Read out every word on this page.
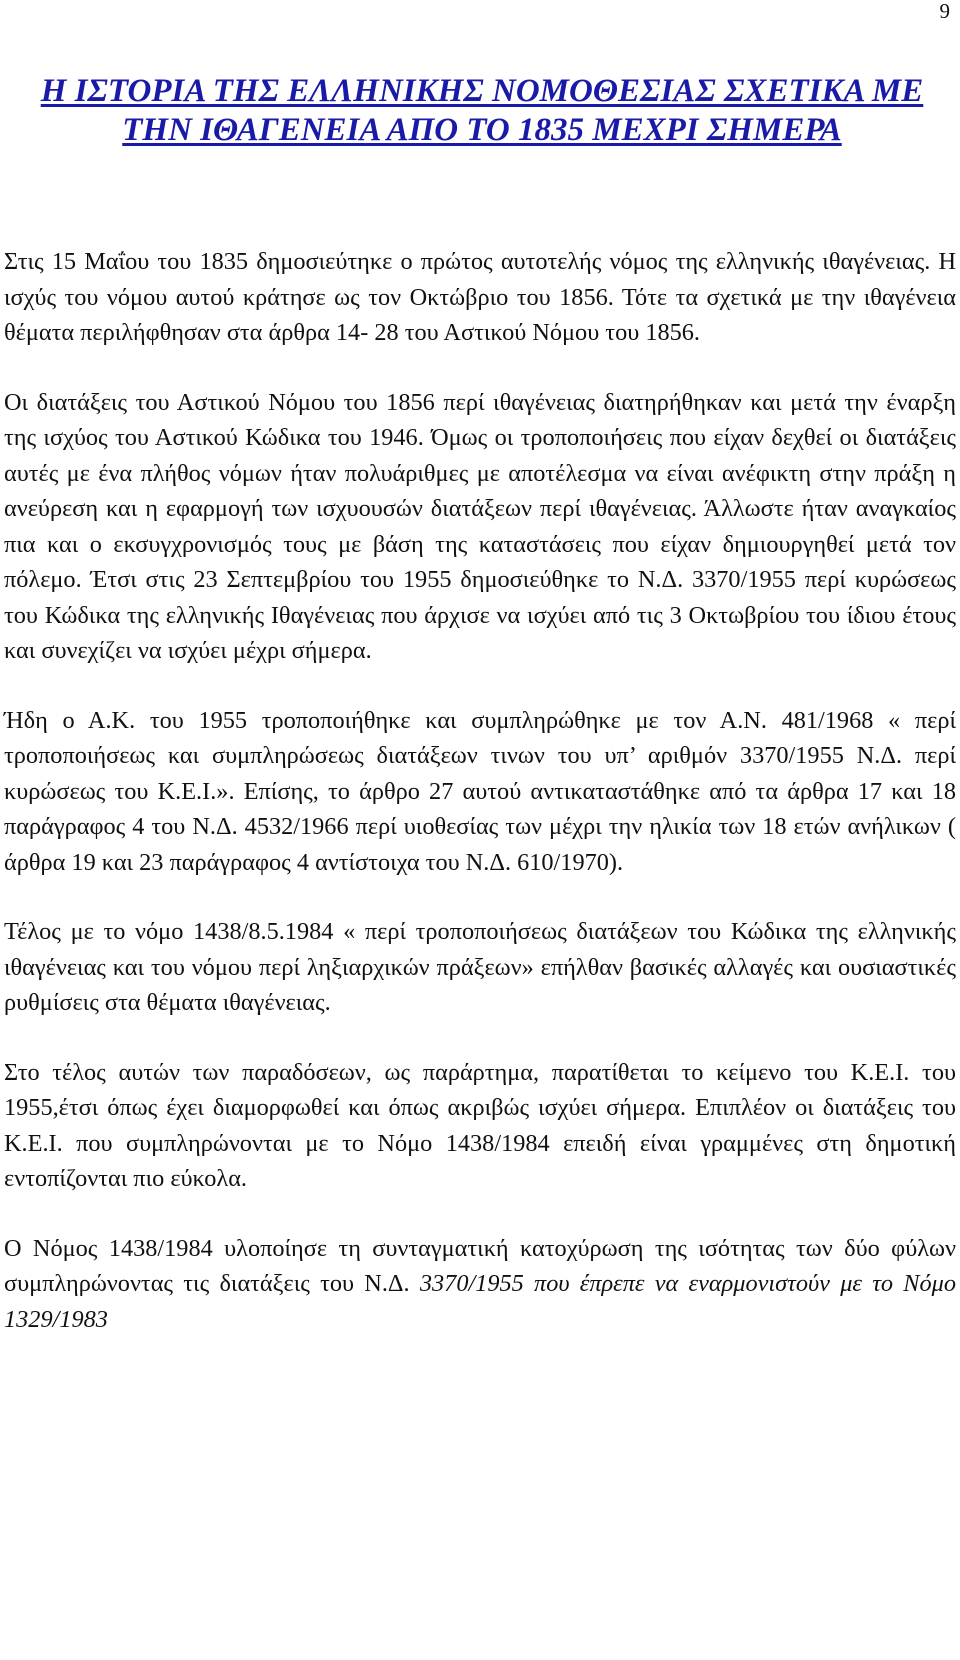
9
Η ΙΣΤΟΡΙΑ ΤΗΣ ΕΛΛΗΝΙΚΗΣ ΝΟΜΟΘΕΣΙΑΣ ΣΧΕΤΙΚΑ ΜΕ ΤΗΝ ΙΘΑΓΕΝΕΙΑ ΑΠΟ ΤΟ 1835 ΜΕΧΡΙ ΣΗΜΕΡΑ

Στις 15 Μαΐου του 1835 δημοσιεύτηκε ο πρώτος αυτοτελής νόμος της ελληνικής ιθαγένειας. Η ισχύς του νόμου αυτού κράτησε ως τον Οκτώβριο του 1856. Τότε τα σχετικά με την ιθαγένεια θέματα περιλήφθησαν στα άρθρα 14- 28 του Αστικού Νόμου του 1856.

Οι διατάξεις του Αστικού Νόμου του 1856 περί ιθαγένειας διατηρήθηκαν και μετά την έναρξη της ισχύος του Αστικού Κώδικα του 1946. Όμως οι τροποποιήσεις που είχαν δεχθεί οι διατάξεις αυτές με ένα πλήθος νόμων ήταν πολυάριθμες με αποτέλεσμα να είναι ανέφικτη στην πράξη η ανεύρεση και η εφαρμογή των ισχυουσών διατάξεων περί ιθαγένειας. Άλλωστε ήταν αναγκαίος πια και ο εκσυγχρονισμός τους με βάση της καταστάσεις που είχαν δημιουργηθεί μετά τον πόλεμο. Έτσι στις 23 Σεπτεμβρίου του 1955 δημοσιεύθηκε το Ν.Δ. 3370/1955 περί κυρώσεως του Κώδικα της ελληνικής Ιθαγένειας που άρχισε να ισχύει από τις 3 Οκτωβρίου του ίδιου έτους και συνεχίζει να ισχύει μέχρι σήμερα.

Ήδη ο Α.Κ. του 1955 τροποποιήθηκε και συμπληρώθηκε με τον Α.Ν. 481/1968 « περί τροποποιήσεως και συμπληρώσεως διατάξεων τινων του υπ’ αριθμόν 3370/1955 Ν.Δ. περί κυρώσεως του Κ.Ε.Ι.». Επίσης, το άρθρο 27 αυτού αντικαταστάθηκε από τα άρθρα 17 και 18 παράγραφος 4 του Ν.Δ. 4532/1966 περί υιοθεσίας των μέχρι την ηλικία των 18 ετών ανήλικων ( άρθρα 19 και 23 παράγραφος 4 αντίστοιχα του Ν.Δ. 610/1970).

Τέλος με το νόμο 1438/8.5.1984 « περί τροποποιήσεως διατάξεων του Κώδικα της ελληνικής ιθαγένειας και του νόμου περί ληξιαρχικών πράξεων» επήλθαν βασικές αλλαγές και ουσιαστικές ρυθμίσεις στα θέματα ιθαγένειας.

Στο τέλος αυτών των παραδόσεων, ως παράρτημα, παρατίθεται το κείμενο του Κ.Ε.Ι. του 1955,έτσι όπως έχει διαμορφωθεί και όπως ακριβώς ισχύει σήμερα. Επιπλέον οι διατάξεις του Κ.Ε.Ι. που συμπληρώνονται με το Νόμο 1438/1984 επειδή είναι γραμμένες στη δημοτική εντοπίζονται πιο εύκολα.

Ο Νόμος 1438/1984 υλοποίησε τη συνταγματική κατοχύρωση της ισότητας των δύο φύλων συμπληρώνοντας τις διατάξεις του Ν.Δ. 3370/1955 που έπρεπε να εναρμονιστούν με το Νόμο 1329/1983
